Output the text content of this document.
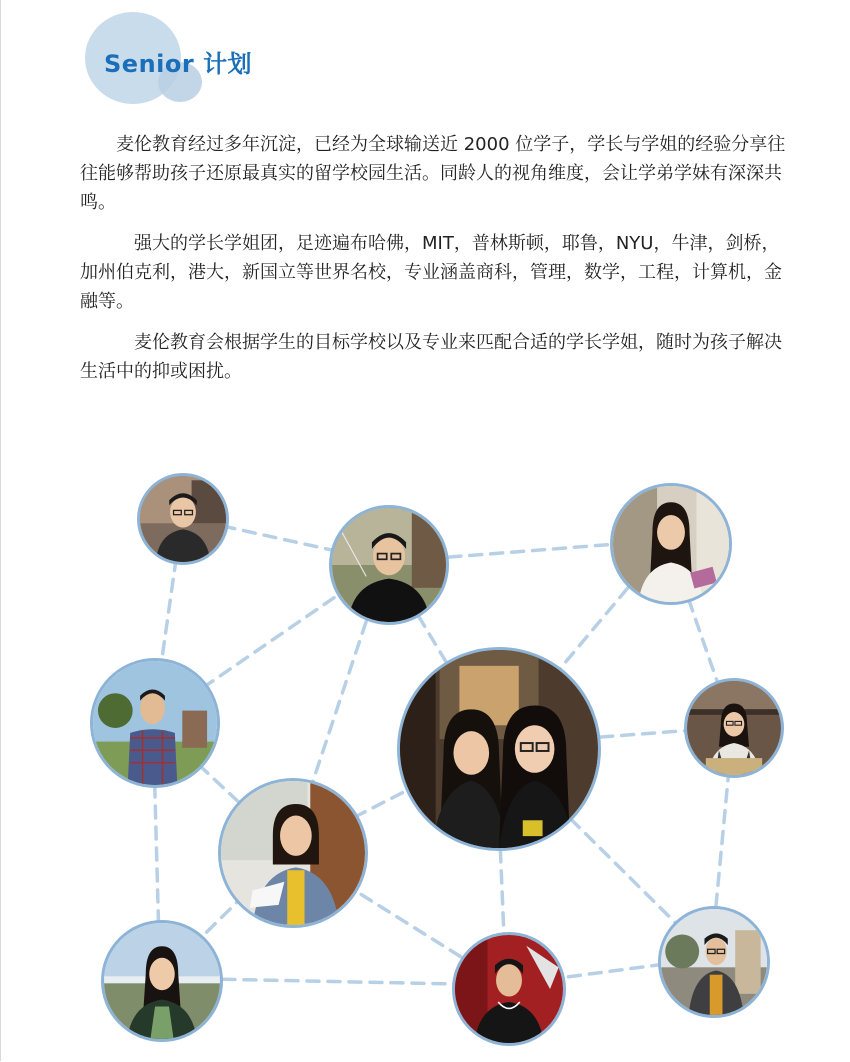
Senior 计划

麦伦教育经过多年沉淀，已经为全球输送近 2000 位学子，学长与学姐的经验分享往往能够帮助孩子还原最真实的留学校园生活。同龄人的视角维度，会让学弟学妹有深深共鸣。

强大的学长学姐团，足迹遍布哈佛，MIT，普林斯顿，耶鲁，NYU，牛津，剑桥，加州伯克利，港大，新国立等世界名校，专业涵盖商科，管理，数学，工程，计算机，金融等。

麦伦教育会根据学生的目标学校以及专业来匹配合适的学长学姐，随时为孩子解决生活中的抑或困扰。
